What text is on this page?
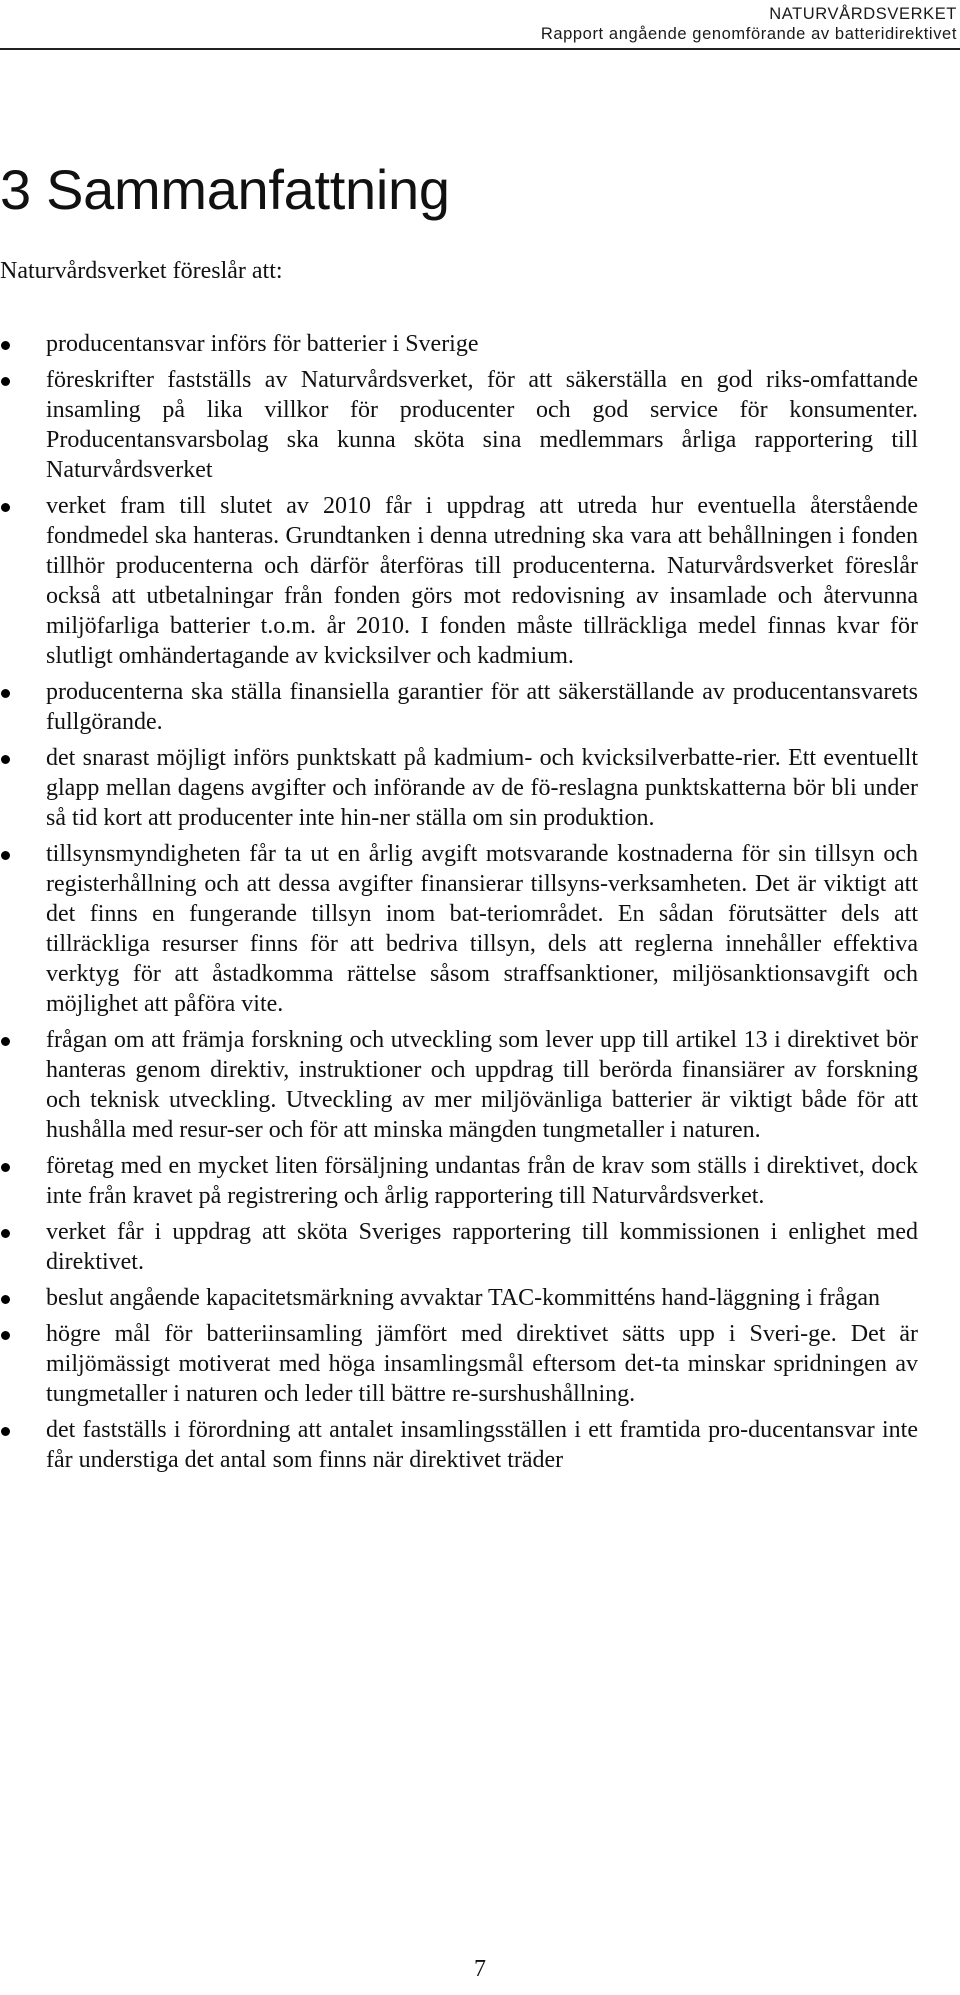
NATURVÅRDSVERKET
Rapport angående genomförande av batteridirektivet
3 Sammanfattning

Naturvårdsverket föreslår att:

producentansvar införs för batterier i Sverige
föreskrifter fastställs av Naturvårdsverket, för att säkerställa en god riks-omfattande insamling på lika villkor för producenter och god service för konsumenter. Producentansvarsbolag ska kunna sköta sina medlemmars årliga rapportering till Naturvårdsverket
verket fram till slutet av 2010 får i uppdrag att utreda hur eventuella återstående fondmedel ska hanteras. Grundtanken i denna utredning ska vara att behållningen i fonden tillhör producenterna och därför återföras till producenterna. Naturvårdsverket föreslår också att utbetalningar från fonden görs mot redovisning av insamlade och återvunna miljöfarliga batterier t.o.m. år 2010. I fonden måste tillräckliga medel finnas kvar för slutligt omhändertagande av kvicksilver och kadmium.
producenterna ska ställa finansiella garantier för att säkerställande av producentansvarets fullgörande.
det snarast möjligt införs punktskatt på kadmium- och kvicksilverbatte-rier. Ett eventuellt glapp mellan dagens avgifter och införande av de fö-reslagna punktskatterna bör bli under så tid kort att producenter inte hin-ner ställa om sin produktion.
tillsynsmyndigheten får ta ut en årlig avgift motsvarande kostnaderna för sin tillsyn och registerhållning och att dessa avgifter finansierar tillsyns-verksamheten. Det är viktigt att det finns en fungerande tillsyn inom bat-teriområdet. En sådan förutsätter dels att tillräckliga resurser finns för att bedriva tillsyn, dels att reglerna innehåller effektiva verktyg för att åstadkomma rättelse såsom straffsanktioner, miljösanktionsavgift och möjlighet att påföra vite.
frågan om att främja forskning och utveckling som lever upp till artikel 13 i direktivet bör hanteras genom direktiv, instruktioner och uppdrag till berörda finansiärer av forskning och teknisk utveckling. Utveckling av mer miljövänliga batterier är viktigt både för att hushålla med resur-ser och för att minska mängden tungmetaller i naturen.
företag med en mycket liten försäljning undantas från de krav som ställs i direktivet, dock inte från kravet på registrering och årlig rapportering till Naturvårdsverket.
verket får i uppdrag att sköta Sveriges rapportering till kommissionen i enlighet med direktivet.
beslut angående kapacitetsmärkning avvaktar TAC-kommitténs hand-läggning i frågan
högre mål för batteriinsamling jämfört med direktivet sätts upp i Sveri-ge. Det är miljömässigt motiverat med höga insamlingsmål eftersom det-ta minskar spridningen av tungmetaller i naturen och leder till bättre re-surshushållning.
det fastställs i förordning att antalet insamlingsställen i ett framtida pro-ducentansvar inte får understiga det antal som finns när direktivet träder
7
